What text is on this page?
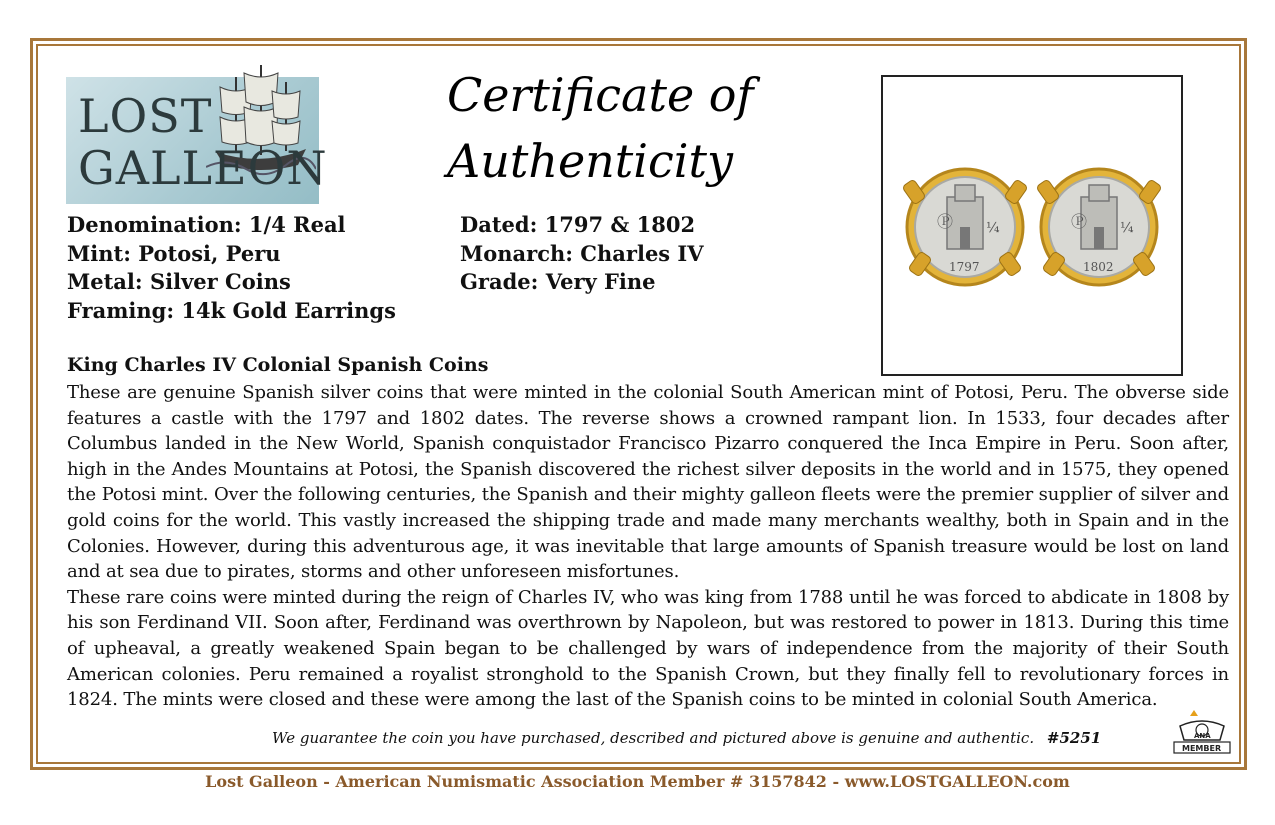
LOST
GALLEON
Certificate of
Authenticity
Denomination: 1/4 Real
Mint: Potosi, Peru
Metal: Silver Coins
Framing: 14k Gold Earrings
Dated: 1797 & 1802
Monarch: Charles IV
Grade: Very Fine
Ⓟ ¼
1797
Ⓟ ¼
1802
King Charles IV Colonial Spanish Coins

These are genuine Spanish silver coins that were minted in the colonial South American mint of Potosi, Peru. The obverse side features a castle with the 1797 and 1802 dates. The reverse shows a crowned rampant lion. In 1533, four decades after Columbus landed in the New World, Spanish conquistador Francisco Pizarro conquered the Inca Empire in Peru. Soon after, high in the Andes Mountains at Potosi, the Spanish discovered the richest silver deposits in the world and in 1575, they opened the Potosi mint. Over the following centuries, the Spanish and their mighty galleon fleets were the premier supplier of silver and gold coins for the world. This vastly increased the shipping trade and made many merchants wealthy, both in Spain and in the Colonies. However, during this adventurous age, it was inevitable that large amounts of Spanish treasure would be lost on land and at sea due to pirates, storms and other unforeseen misfortunes.

These rare coins were minted during the reign of Charles IV, who was king from 1788 until he was forced to abdicate in 1808 by his son Ferdinand VII. Soon after, Ferdinand was overthrown by Napoleon, but was restored to power in 1813. During this time of upheaval, a greatly weakened Spain began to be challenged by wars of independence from the majority of their South American colonies. Peru remained a royalist stronghold to the Spanish Crown, but they finally fell to revolutionary forces in 1824. The mints were closed and these were among the last of the Spanish coins to be minted in colonial South America.

We guarantee the coin you have purchased, described and pictured above is genuine and authentic. #5251	ANA
MEMBER
Lost Galleon - American Numismatic Association Member # 3157842 - www.LOSTGALLEON.com
